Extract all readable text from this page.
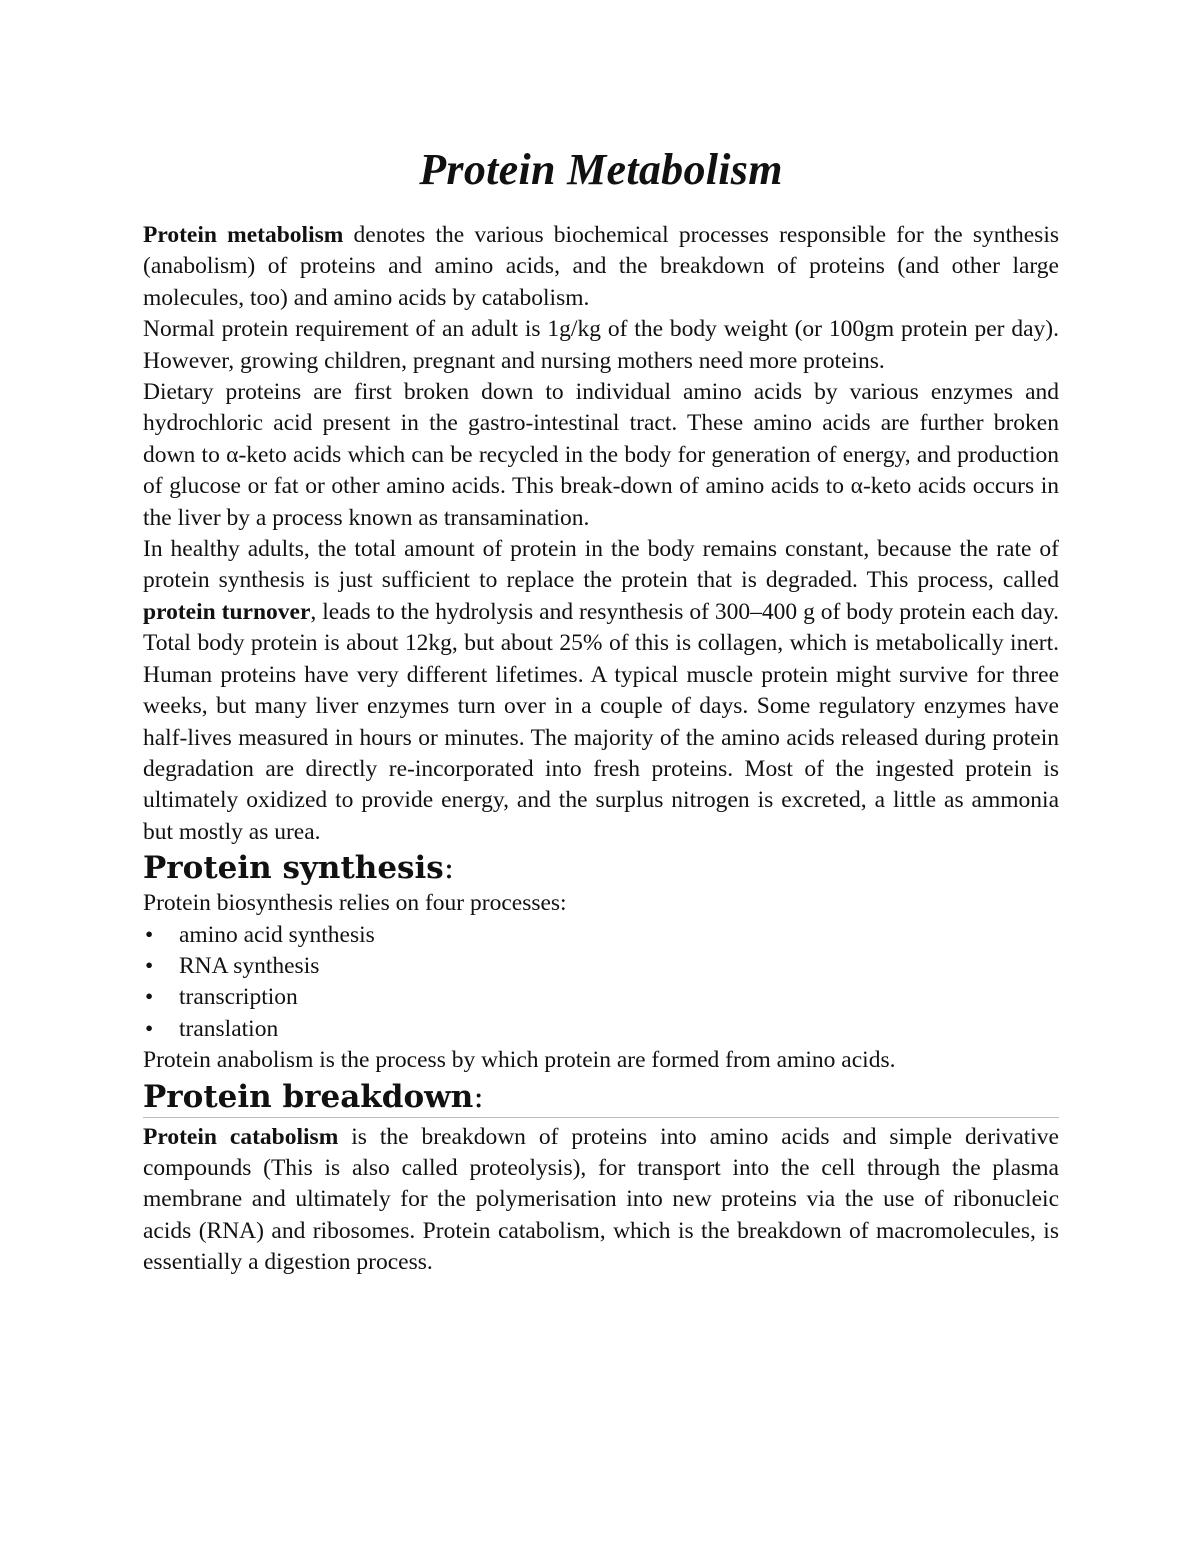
Protein Metabolism

Protein metabolism denotes the various biochemical processes responsible for the synthesis (anabolism) of proteins and amino acids, and the breakdown of proteins (and other large molecules, too) and amino acids by catabolism.

Normal protein requirement of an adult is 1g/kg of the body weight (or 100gm protein per day). However, growing children, pregnant and nursing mothers need more proteins.

Dietary proteins are first broken down to individual amino acids by various enzymes and hydrochloric acid present in the gastro-intestinal tract. These amino acids are further broken down to α-keto acids which can be recycled in the body for generation of energy, and production of glucose or fat or other amino acids. This break-down of amino acids to α-keto acids occurs in the liver by a process known as transamination.

In healthy adults, the total amount of protein in the body remains constant, because the rate of protein synthesis is just sufficient to replace the protein that is degraded. This process, called protein turnover, leads to the hydrolysis and resynthesis of 300–400 g of body protein each day. Total body protein is about 12kg, but about 25% of this is collagen, which is metabolically inert. Human proteins have very different lifetimes. A typical muscle protein might survive for three weeks, but many liver enzymes turn over in a couple of days. Some regulatory enzymes have half-lives measured in hours or minutes. The majority of the amino acids released during protein degradation are directly re-incorporated into fresh proteins. Most of the ingested protein is ultimately oxidized to provide energy, and the surplus nitrogen is excreted, a little as ammonia but mostly as urea.

Protein synthesis:

Protein biosynthesis relies on four processes:

• amino acid synthesis
• RNA synthesis
• transcription
• translation

Protein anabolism is the process by which protein are formed from amino acids.

Protein breakdown:

Protein catabolism is the breakdown of proteins into amino acids and simple derivative compounds (This is also called proteolysis), for transport into the cell through the plasma membrane and ultimately for the polymerisation into new proteins via the use of ribonucleic acids (RNA) and ribosomes. Protein catabolism, which is the breakdown of macromolecules, is essentially a digestion process.
